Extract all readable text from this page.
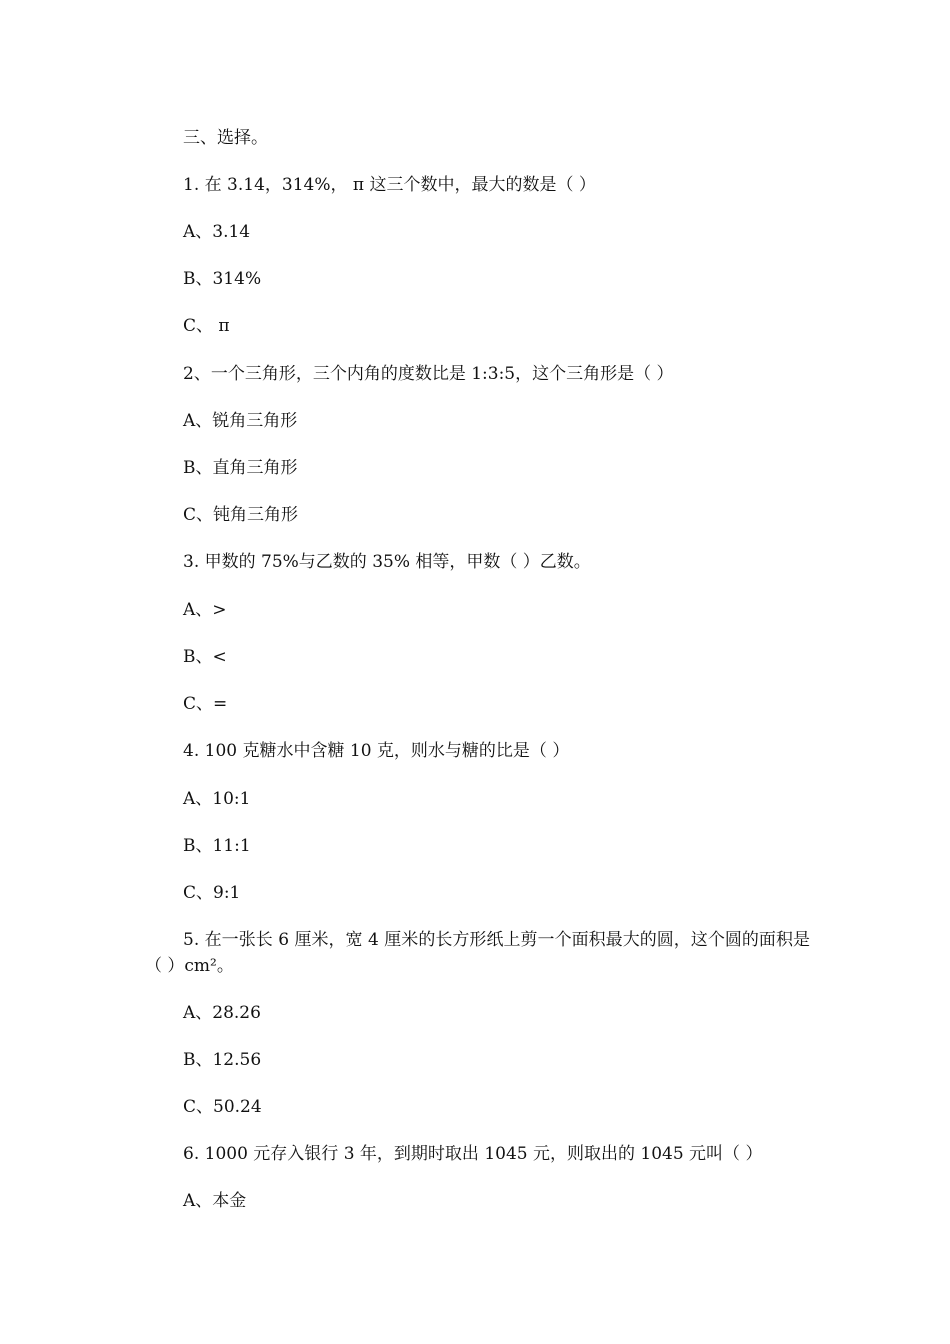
三、选择。
1. 在 3.14，314%， π 这三个数中，最大的数是（ ）
A、3.14
B、314%
C、 π
2、一个三角形，三个内角的度数比是 1:3:5，这个三角形是（ ）
A、锐角三角形
B、直角三角形
C、钝角三角形
3. 甲数的 75%与乙数的 35% 相等，甲数（ ）乙数。
A、>
B、<
C、=
4. 100 克糖水中含糖 10 克，则水与糖的比是（ ）
A、10:1
B、11:1
C、9:1
5. 在一张长 6 厘米，宽 4 厘米的长方形纸上剪一个面积最大的圆，这个圆的面积是（ ）cm²。
A、28.26
B、12.56
C、50.24
6. 1000 元存入银行 3 年，到期时取出 1045 元，则取出的 1045 元叫（ ）
A、本金
